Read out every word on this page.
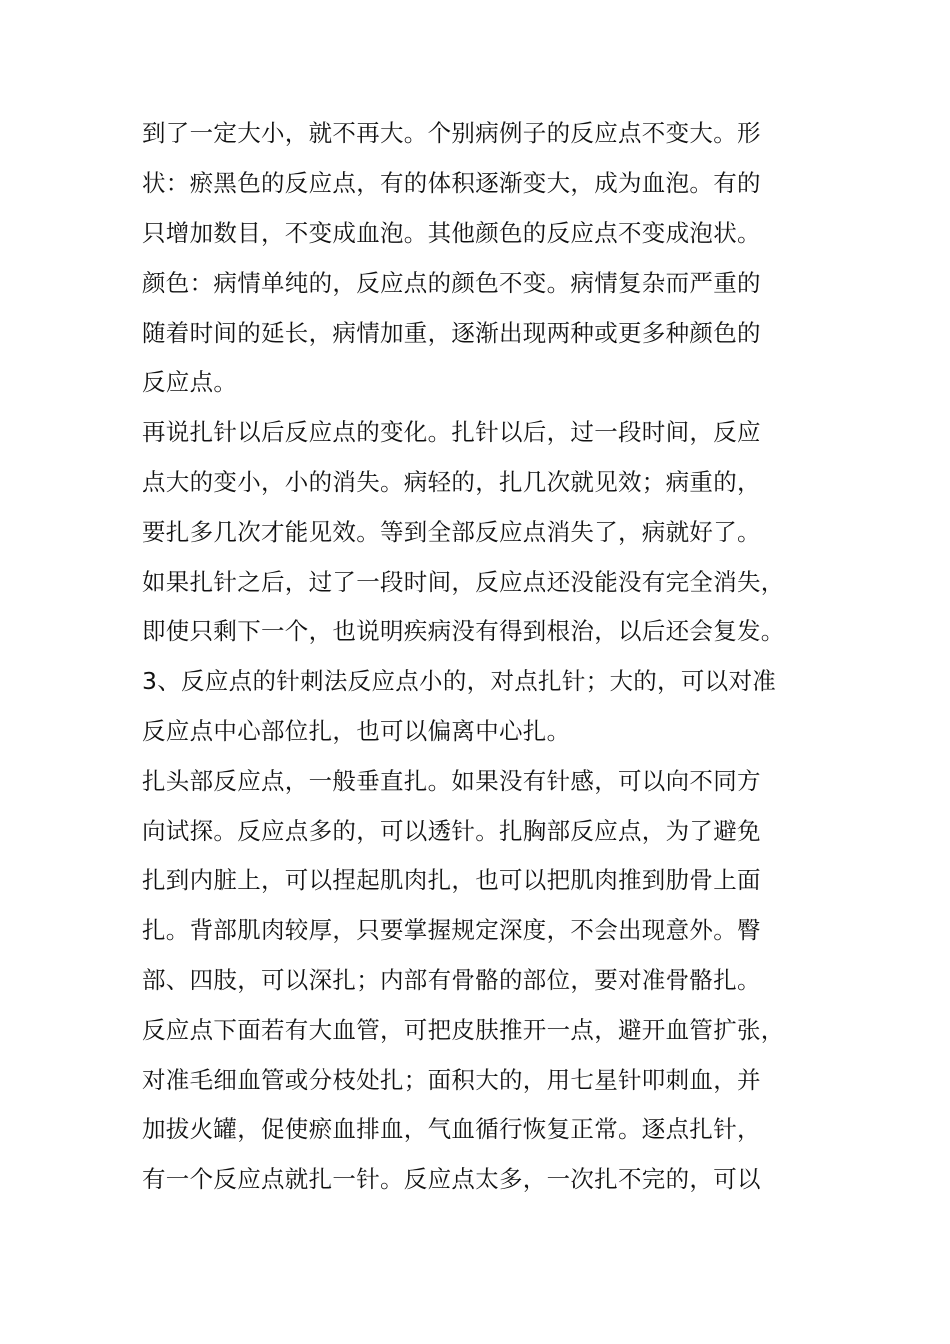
到了一定大小，就不再大。个别病例子的反应点不变大。形
状：瘀黑色的反应点，有的体积逐渐变大，成为血泡。有的
只增加数目，不变成血泡。其他颜色的反应点不变成泡状。
颜色：病情单纯的，反应点的颜色不变。病情复杂而严重的
随着时间的延长，病情加重，逐渐出现两种或更多种颜色的
反应点。
再说扎针以后反应点的变化。扎针以后，过一段时间，反应
点大的变小，小的消失。病轻的，扎几次就见效；病重的，
要扎多几次才能见效。等到全部反应点消失了，病就好了。
如果扎针之后，过了一段时间，反应点还没能没有完全消失，
即使只剩下一个，也说明疾病没有得到根治，以后还会复发。
3、反应点的针刺法反应点小的，对点扎针；大的，可以对准
反应点中心部位扎，也可以偏离中心扎。
扎头部反应点，一般垂直扎。如果没有针感，可以向不同方
向试探。反应点多的，可以透针。扎胸部反应点，为了避免
扎到内脏上，可以捏起肌肉扎，也可以把肌肉推到肋骨上面
扎。背部肌肉较厚，只要掌握规定深度，不会出现意外。臀
部、四肢，可以深扎；内部有骨骼的部位，要对准骨骼扎。
反应点下面若有大血管，可把皮肤推开一点，避开血管扩张，
对准毛细血管或分枝处扎；面积大的，用七星针叩刺血，并
加拔火罐，促使瘀血排血，气血循行恢复正常。逐点扎针，
有一个反应点就扎一针。反应点太多，一次扎不完的，可以
